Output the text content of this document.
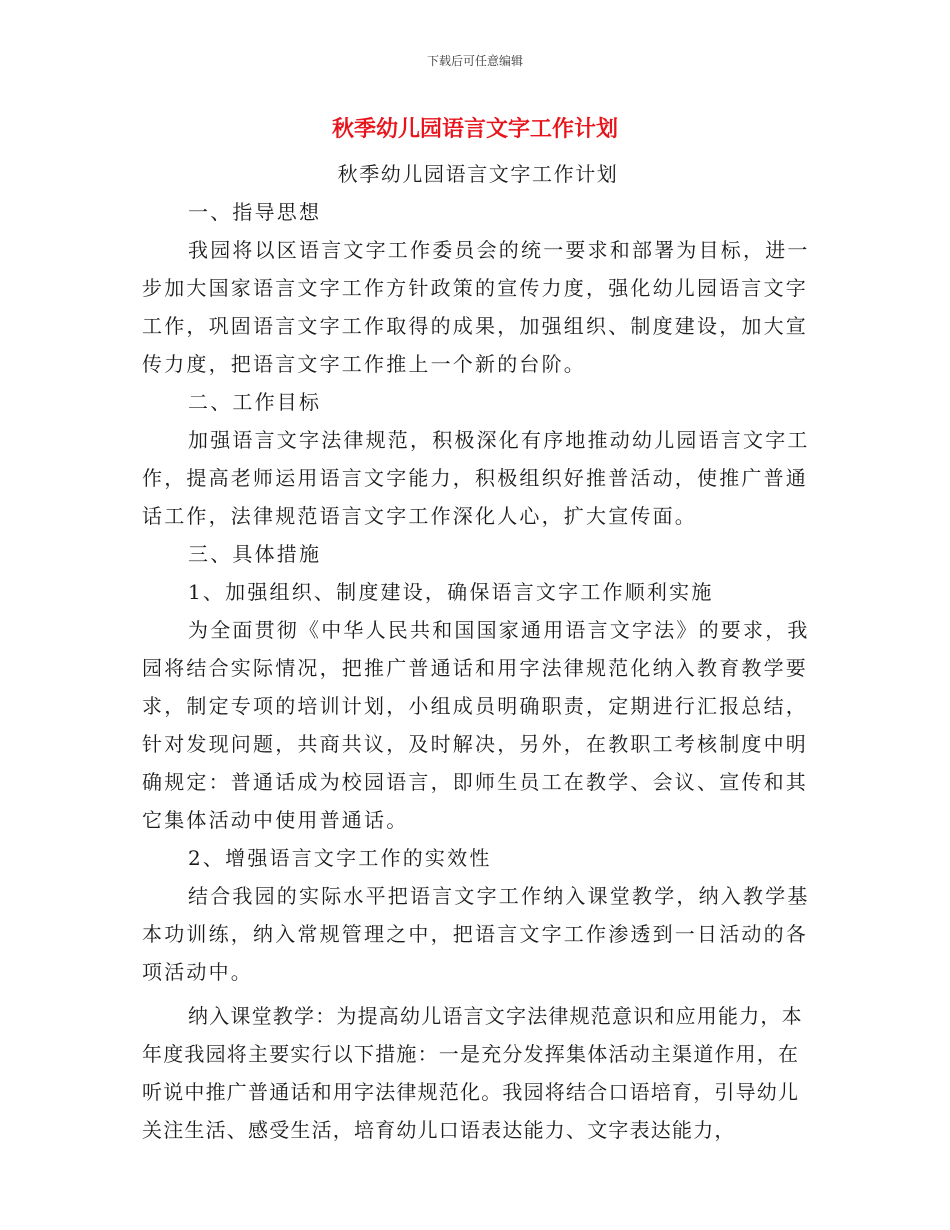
下载后可任意编辑
秋季幼儿园语言文字工作计划

秋季幼儿园语言文字工作计划

一、指导思想

我园将以区语言文字工作委员会的统一要求和部署为目标，进一步加大国家语言文字工作方针政策的宣传力度，强化幼儿园语言文字工作，巩固语言文字工作取得的成果，加强组织、制度建设，加大宣传力度，把语言文字工作推上一个新的台阶。

二、工作目标

加强语言文字法律规范，积极深化有序地推动幼儿园语言文字工作，提高老师运用语言文字能力，积极组织好推普活动，使推广普通话工作，法律规范语言文字工作深化人心，扩大宣传面。

三、具体措施

1、加强组织、制度建设，确保语言文字工作顺利实施

为全面贯彻《中华人民共和国国家通用语言文字法》的要求，我园将结合实际情况，把推广普通话和用字法律规范化纳入教育教学要求，制定专项的培训计划，小组成员明确职责，定期进行汇报总结，针对发现问题，共商共议，及时解决，另外，在教职工考核制度中明确规定：普通话成为校园语言，即师生员工在教学、会议、宣传和其它集体活动中使用普通话。

2、增强语言文字工作的实效性

结合我园的实际水平把语言文字工作纳入课堂教学，纳入教学基本功训练，纳入常规管理之中，把语言文字工作渗透到一日活动的各项活动中。

纳入课堂教学：为提高幼儿语言文字法律规范意识和应用能力，本年度我园将主要实行以下措施：一是充分发挥集体活动主渠道作用，在听说中推广普通话和用字法律规范化。我园将结合口语培育，引导幼儿关注生活、感受生活，培育幼儿口语表达能力、文字表达能力，
